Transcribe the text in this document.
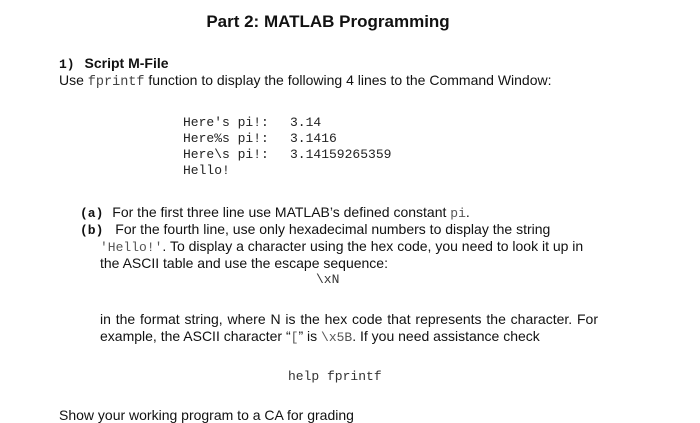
Part 2: MATLAB Programming
1) Script M-File
Use fprintf function to display the following 4 lines to the Command Window:
Here's pi!: 3.14
Here%s pi!: 3.1416
Here\s pi!: 3.14159265359
Hello!
(a) For the first three line use MATLAB’s defined constant pi.
(b) For the fourth line, use only hexadecimal numbers to display the string
'Hello!'. To display a character using the hex code, you need to look it up in
the ASCII table and use the escape sequence:
\xN
in the format string, where N is the hex code that represents the character. For example, the ASCII character “[” is \x5B. If you need assistance check
help fprintf
Show your working program to a CA for grading
